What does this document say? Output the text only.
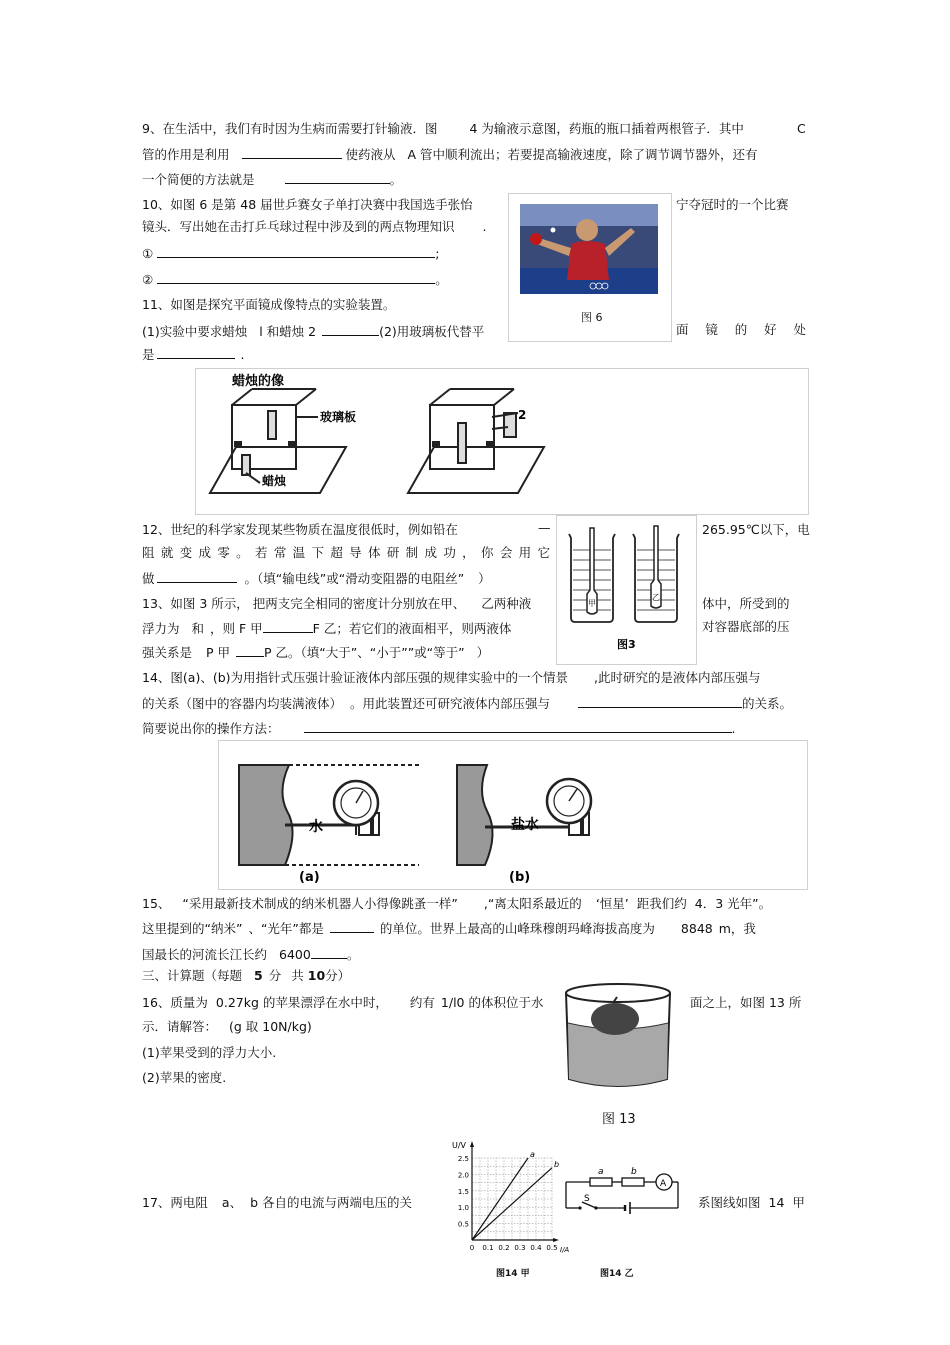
9、在生活中，我们有时因为生病而需要打针输液．图	4 为输液示意图，药瓶的瓶口插着两根管子．其中	C
管的作用是利用	使药液从 A 管中顺利流出；若要提高输液速度，除了调节调节器外，还有
一个简便的方法就是	。
10、如图 6 是第 48 届世乒赛女子单打决赛中我国选手张怡	宁夺冠时的一个比赛
镜头．写出她在击打乒乓球过程中涉及到的两点物理知识 .
①	;
②	。
图 6
11、如图是探究平面镜成像特点的实验装置。
(1)实验中要求蜡烛 l 和蜡烛 2	(2)用玻璃板代替平	面 镜 的 好 处
是	.
蜡烛的像
玻璃板
蜡烛
2
12、世纪的科学家发现某些物质在温度很低时，例如铅在	—	265.95℃以下，电
阻 就 变 成 零 。 若 常 温 下 超 导 体 研 制 成 功 ， 你 会 用 它
做	。（填“输电线”或“滑动变阻器的电阻丝” ）
甲
乙
图3
13、如图 3 所示， 把两支完全相同的密度计分别放在甲、 乙两种液	体中，所受到的
浮力为 和 ，则 F 甲	F 乙；若它们的液面相平，则两液体	对容器底部的压
强关系是 P 甲	P 乙。（填“大于”、“小于””或“等于” ）
14、图(a)、(b)为用指针式压强计验证液体内部压强的规律实验中的一个情景 ,此时研究的是液体内部压强与
的关系（图中的容器内均装满液体） 。用此装置还可研究液体内部压强与	的关系。
简要说出你的操作方法：	.
水
(a)
盐水
(b)
15、 “采用最新技术制成的纳米机器人小得像跳蚤一样” ,“离太阳系最近的 ‘恒星’ 距我们约 4．3 光年”。
这里提到的“纳米” 、“光年”都是	的单位。世界上最高的山峰珠穆朗玛峰海拔高度为 8848 m，我
国最长的河流长江长约 6400	。
三、计算题（每题 5 分 共 10分）
16、质量为 0.27kg 的苹果漂浮在水中时， 约有 1/l0 的体积位于水	面之上，如图 13 所
示．请解答： (g 取 10N/kg)
(1)苹果受到的浮力大小.
(2)苹果的密度.
图 13
17、两电阻 a、 b 各自的电流与两端电压的关	系图线如图 14 甲
U/V
I/A
2.5
2.0
1.5
1.0
0.5
0 0.1 0.2 0.3 0.4 0.5
a
b
图14 甲
a	b
A
S
图14 乙
